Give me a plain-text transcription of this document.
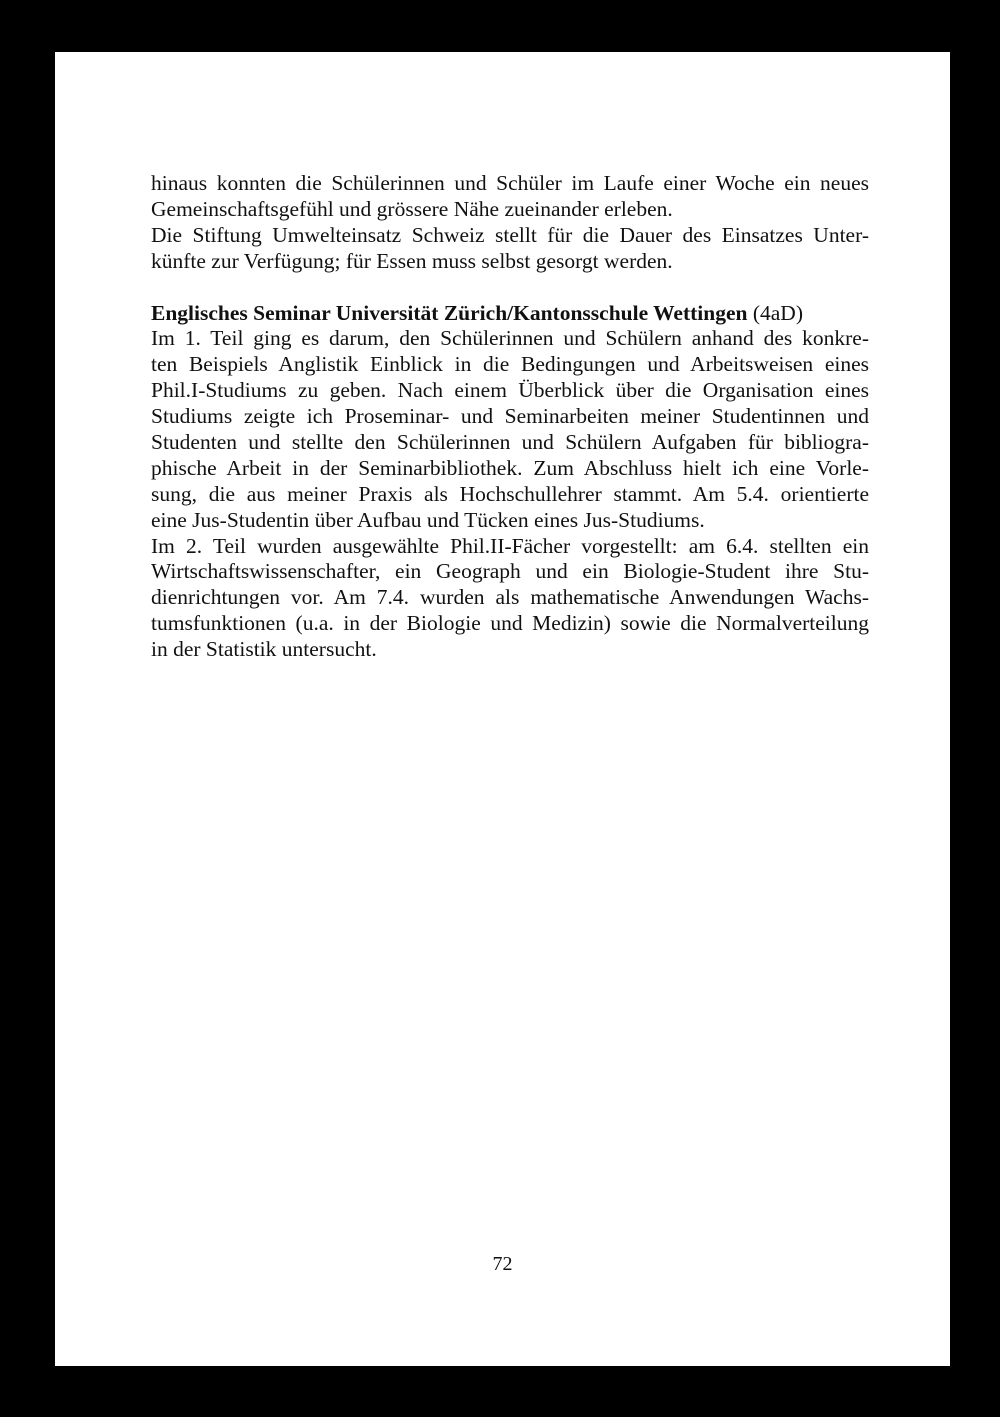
hinaus konnten die Schülerinnen und Schüler im Laufe einer Woche ein neues
Gemeinschaftsgefühl und grössere Nähe zueinander erleben.
Die Stiftung Umwelteinsatz Schweiz stellt für die Dauer des Einsatzes Unter-
künfte zur Verfügung; für Essen muss selbst gesorgt werden.
Englisches Seminar Universität Zürich/Kantonsschule Wettingen (4aD)
Im 1. Teil ging es darum, den Schülerinnen und Schülern anhand des konkre-
ten Beispiels Anglistik Einblick in die Bedingungen und Arbeitsweisen eines
Phil.I-Studiums zu geben. Nach einem Überblick über die Organisation eines
Studiums zeigte ich Proseminar- und Seminarbeiten meiner Studentinnen und
Studenten und stellte den Schülerinnen und Schülern Aufgaben für bibliogra-
phische Arbeit in der Seminarbibliothek. Zum Abschluss hielt ich eine Vorle-
sung, die aus meiner Praxis als Hochschullehrer stammt. Am 5.4. orientierte
eine Jus-Studentin über Aufbau und Tücken eines Jus-Studiums.
Im 2. Teil wurden ausgewählte Phil.II-Fächer vorgestellt: am 6.4. stellten ein
Wirtschaftswissenschafter, ein Geograph und ein Biologie-Student ihre Stu-
dienrichtungen vor. Am 7.4. wurden als mathematische Anwendungen Wachs-
tumsfunktionen (u.a. in der Biologie und Medizin) sowie die Normalverteilung
in der Statistik untersucht.
72
